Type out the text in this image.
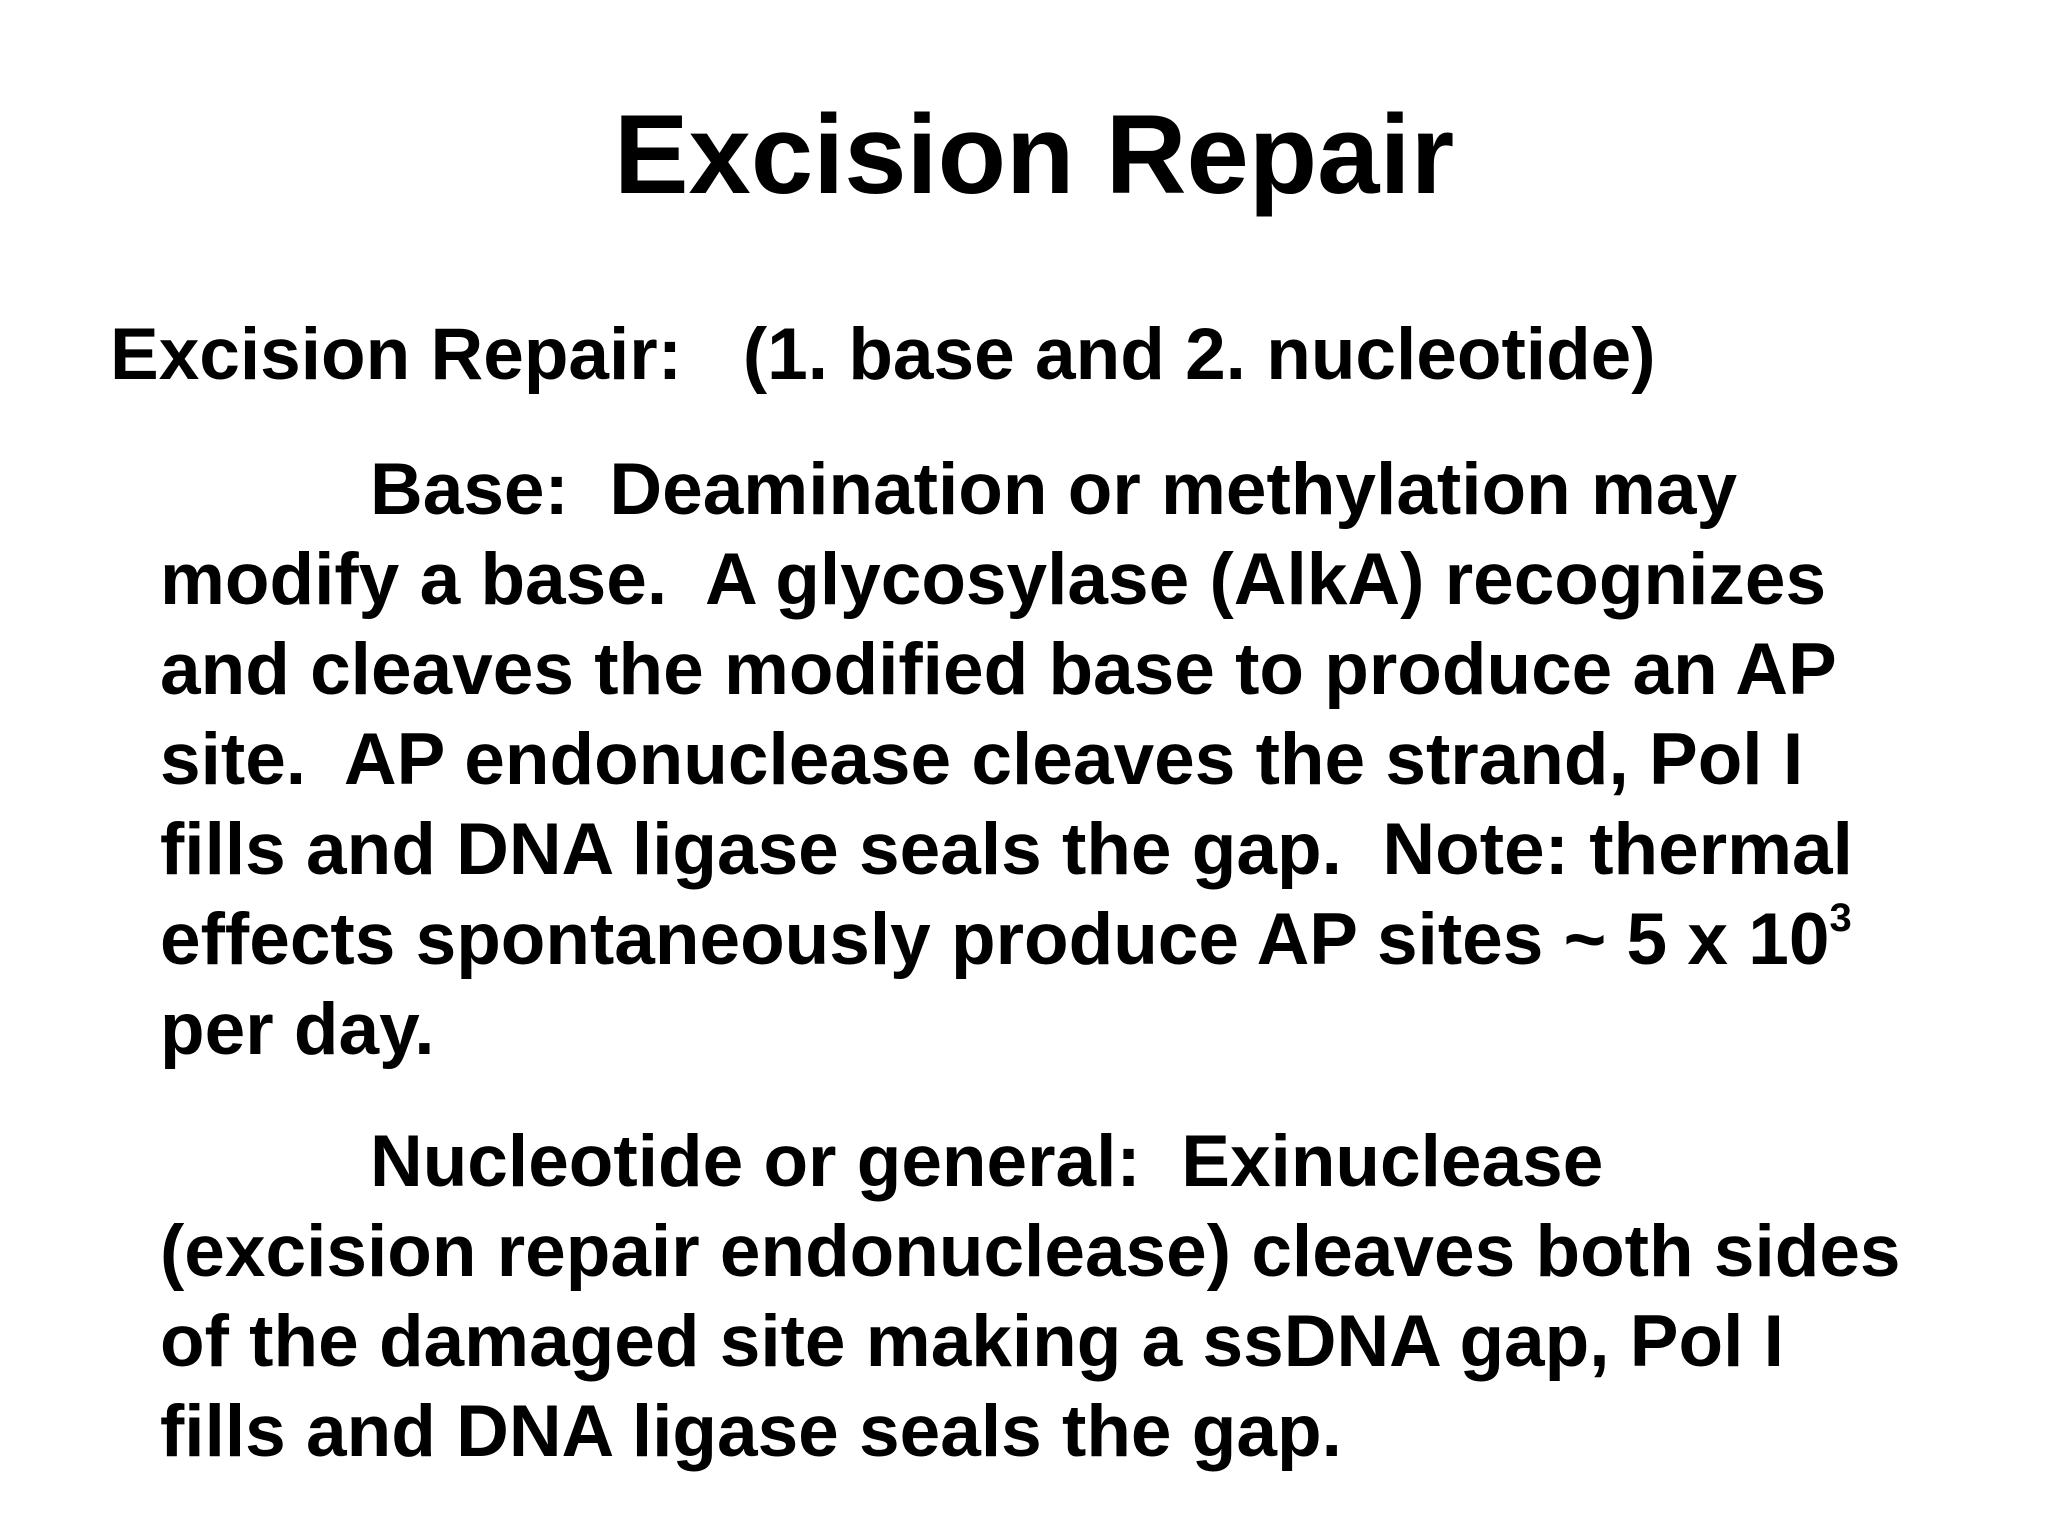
Excision Repair
Excision Repair:   (1. base and 2. nucleotide)
Base:  Deamination or methylation may
modify a base.  A glycosylase (AlkA) recognizes
and cleaves the modified base to produce an AP
site.  AP endonuclease cleaves the strand, Pol I
fills and DNA ligase seals the gap.  Note: thermal
effects spontaneously produce AP sites ~ 5 x $10^3$
per day.
Nucleotide or general:  Exinuclease
(excision repair endonuclease) cleaves both sides
of the damaged site making a ssDNA gap, Pol I
fills and DNA ligase seals the gap.
